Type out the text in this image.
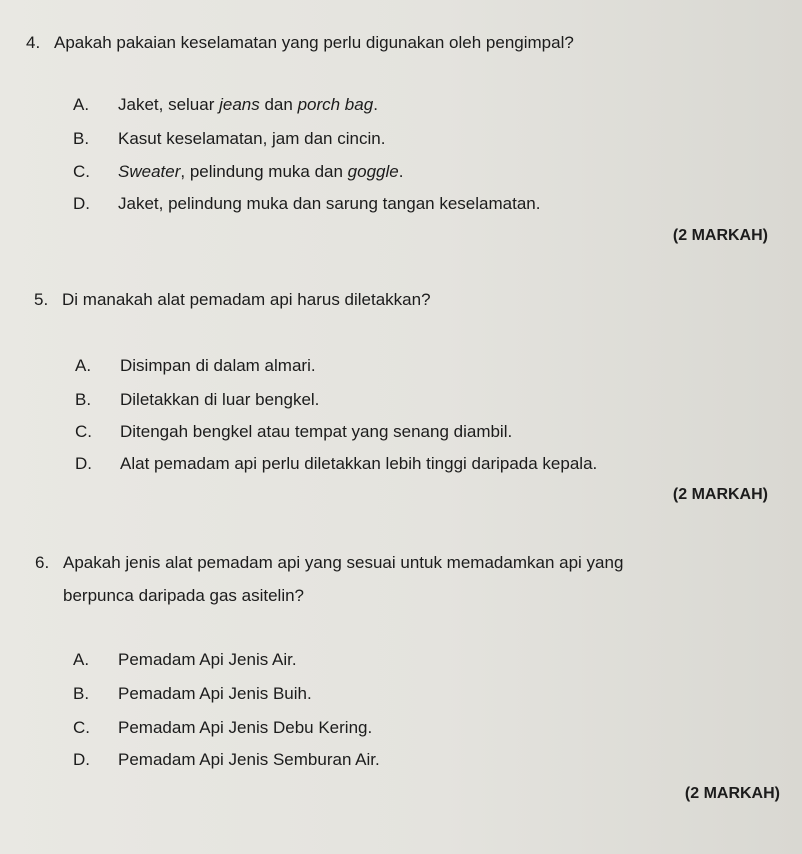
4. Apakah pakaian keselamatan yang perlu digunakan oleh pengimpal?
A. Jaket, seluar jeans dan porch bag.
B. Kasut keselamatan, jam dan cincin.
C. Sweater, pelindung muka dan goggle.
D. Jaket, pelindung muka dan sarung tangan keselamatan.
(2 MARKAH)
5. Di manakah alat pemadam api harus diletakkan?
A. Disimpan di dalam almari.
B. Diletakkan di luar bengkel.
C. Ditengah bengkel atau tempat yang senang diambil.
D. Alat pemadam api perlu diletakkan lebih tinggi daripada kepala.
(2 MARKAH)
6. Apakah jenis alat pemadam api yang sesuai untuk memadamkan api yang
berpunca daripada gas asitelin?
A. Pemadam Api Jenis Air.
B. Pemadam Api Jenis Buih.
C. Pemadam Api Jenis Debu Kering.
D. Pemadam Api Jenis Semburan Air.
(2 MARKAH)
